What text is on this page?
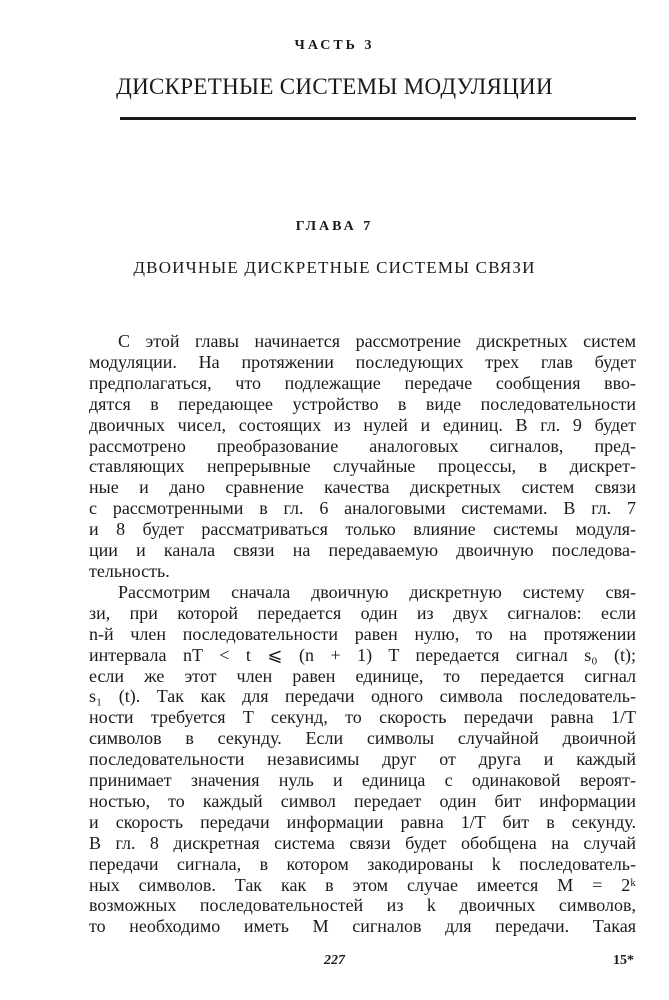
ЧАСТЬ 3
ДИСКРЕТНЫЕ СИСТЕМЫ МОДУЛЯЦИИ
ГЛАВА 7
ДВОИЧНЫЕ ДИСКРЕТНЫЕ СИСТЕМЫ СВЯЗИ
С этой главы начинается рассмотрение дискретных систем
модуляции. На протяжении последующих трех глав будет
предполагаться, что подлежащие передаче сообщения вво-
дятся в передающее устройство в виде последовательности
двоичных чисел, состоящих из нулей и единиц. В гл. 9 будет
рассмотрено преобразование аналоговых сигналов, пред-
ставляющих непрерывные случайные процессы, в дискрет-
ные и дано сравнение качества дискретных систем связи
с рассмотренными в гл. 6 аналоговыми системами. В гл. 7
и 8 будет рассматриваться только влияние системы модуля-
ции и канала связи на передаваемую двоичную последова-
тельность.
Рассмотрим сначала двоичную дискретную систему свя-
зи, при которой передается один из двух сигналов: если
n-й член последовательности равен нулю, то на протяжении
интервала nT < t ⩽ (n + 1) T передается сигнал s₀ (t);
если же этот член равен единице, то передается сигнал
s₁ (t). Так как для передачи одного символа последователь-
ности требуется T секунд, то скорость передачи равна 1/T
символов в секунду. Если символы случайной двоичной
последовательности независимы друг от друга и каждый
принимает значения нуль и единица с одинаковой вероят-
ностью, то каждый символ передает один бит информации
и скорость передачи информации равна 1/T бит в секунду.
В гл. 8 дискретная система связи будет обобщена на случай
передачи сигнала, в котором закодированы k последователь-
ных символов. Так как в этом случае имеется M = 2ᵏ
возможных последовательностей из k двоичных символов,
то необходимо иметь M сигналов для передачи. Такая
227	15*
